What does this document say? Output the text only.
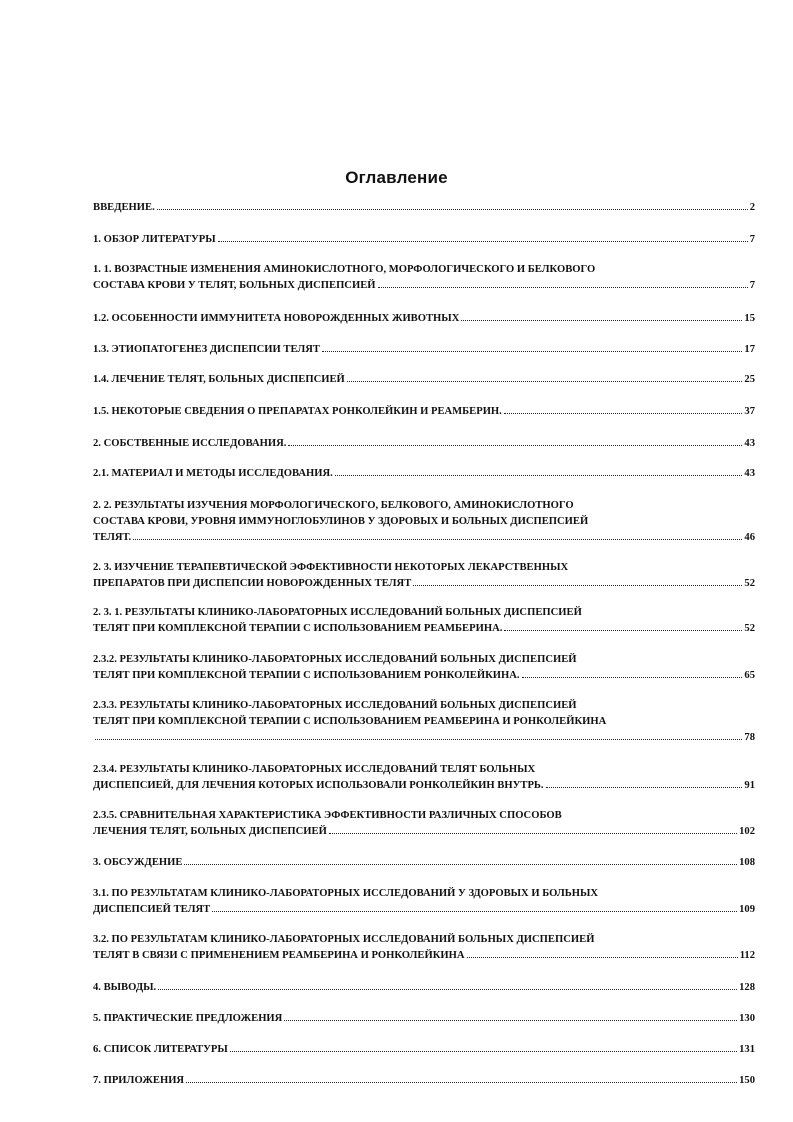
Оглавление
ВВЕДЕНИЕ.	2
1. ОБЗОР ЛИТЕРАТУРЫ	7
1. 1. ВОЗРАСТНЫЕ ИЗМЕНЕНИЯ АМИНОКИСЛОТНОГО, МОРФОЛОГИЧЕСКОГО И БЕЛКОВОГО
СОСТАВА КРОВИ У ТЕЛЯТ, БОЛЬНЫХ ДИСПЕПСИЕЙ	7
1.2. ОСОБЕННОСТИ ИММУНИТЕТА НОВОРОЖДЕННЫХ ЖИВОТНЫХ	15
1.3. ЭТИОПАТОГЕНЕЗ ДИСПЕПСИИ ТЕЛЯТ	17
1.4. ЛЕЧЕНИЕ ТЕЛЯТ, БОЛЬНЫХ ДИСПЕПСИЕЙ	25
1.5. НЕКОТОРЫЕ СВЕДЕНИЯ О ПРЕПАРАТАХ РОНКОЛЕЙКИН И РЕАМБЕРИН.	37
2. СОБСТВЕННЫЕ ИССЛЕДОВАНИЯ.	43
2.1. МАТЕРИАЛ И МЕТОДЫ ИССЛЕДОВАНИЯ.	43
2. 2. РЕЗУЛЬТАТЫ ИЗУЧЕНИЯ МОРФОЛОГИЧЕСКОГО, БЕЛКОВОГО, АМИНОКИСЛОТНОГО
СОСТАВА КРОВИ, УРОВНЯ ИММУНОГЛОБУЛИНОВ У ЗДОРОВЫХ И БОЛЬНЫХ ДИСПЕПСИЕЙ
ТЕЛЯТ.	46
2. 3. ИЗУЧЕНИЕ ТЕРАПЕВТИЧЕСКОЙ ЭФФЕКТИВНОСТИ НЕКОТОРЫХ ЛЕКАРСТВЕННЫХ
ПРЕПАРАТОВ ПРИ ДИСПЕПСИИ НОВОРОЖДЕННЫХ ТЕЛЯТ	52
2. 3. 1. РЕЗУЛЬТАТЫ КЛИНИКО-ЛАБОРАТОРНЫХ ИССЛЕДОВАНИЙ БОЛЬНЫХ ДИСПЕПСИЕЙ
ТЕЛЯТ ПРИ КОМПЛЕКСНОЙ ТЕРАПИИ С ИСПОЛЬЗОВАНИЕМ РЕАМБЕРИНА.	52
2.3.2. РЕЗУЛЬТАТЫ КЛИНИКО-ЛАБОРАТОРНЫХ ИССЛЕДОВАНИЙ БОЛЬНЫХ ДИСПЕПСИЕЙ
ТЕЛЯТ ПРИ КОМПЛЕКСНОЙ ТЕРАПИИ С ИСПОЛЬЗОВАНИЕМ РОНКОЛЕЙКИНА.	65
2.3.3. РЕЗУЛЬТАТЫ КЛИНИКО-ЛАБОРАТОРНЫХ ИССЛЕДОВАНИЙ БОЛЬНЫХ ДИСПЕПСИЕЙ
ТЕЛЯТ ПРИ КОМПЛЕКСНОЙ ТЕРАПИИ С ИСПОЛЬЗОВАНИЕМ РЕАМБЕРИНА И РОНКОЛЕЙКИНА
78
2.3.4. РЕЗУЛЬТАТЫ КЛИНИКО-ЛАБОРАТОРНЫХ ИССЛЕДОВАНИЙ ТЕЛЯТ БОЛЬНЫХ
ДИСПЕПСИЕЙ, ДЛЯ ЛЕЧЕНИЯ КОТОРЫХ ИСПОЛЬЗОВАЛИ РОНКОЛЕЙКИН ВНУТРЬ.	91
2.3.5. СРАВНИТЕЛЬНАЯ ХАРАКТЕРИСТИКА ЭФФЕКТИВНОСТИ РАЗЛИЧНЫХ СПОСОБОВ
ЛЕЧЕНИЯ ТЕЛЯТ, БОЛЬНЫХ ДИСПЕПСИЕЙ	102
3. ОБСУЖДЕНИЕ	108
3.1. ПО РЕЗУЛЬТАТАМ КЛИНИКО-ЛАБОРАТОРНЫХ ИССЛЕДОВАНИЙ У ЗДОРОВЫХ И БОЛЬНЫХ
ДИСПЕПСИЕЙ ТЕЛЯТ	109
3.2. ПО РЕЗУЛЬТАТАМ КЛИНИКО-ЛАБОРАТОРНЫХ ИССЛЕДОВАНИЙ БОЛЬНЫХ ДИСПЕПСИЕЙ
ТЕЛЯТ В СВЯЗИ С ПРИМЕНЕНИЕМ РЕАМБЕРИНА И РОНКОЛЕЙКИНА	112
4. ВЫВОДЫ.	128
5. ПРАКТИЧЕСКИЕ ПРЕДЛОЖЕНИЯ	130
6. СПИСОК ЛИТЕРАТУРЫ	131
7. ПРИЛОЖЕНИЯ	150
